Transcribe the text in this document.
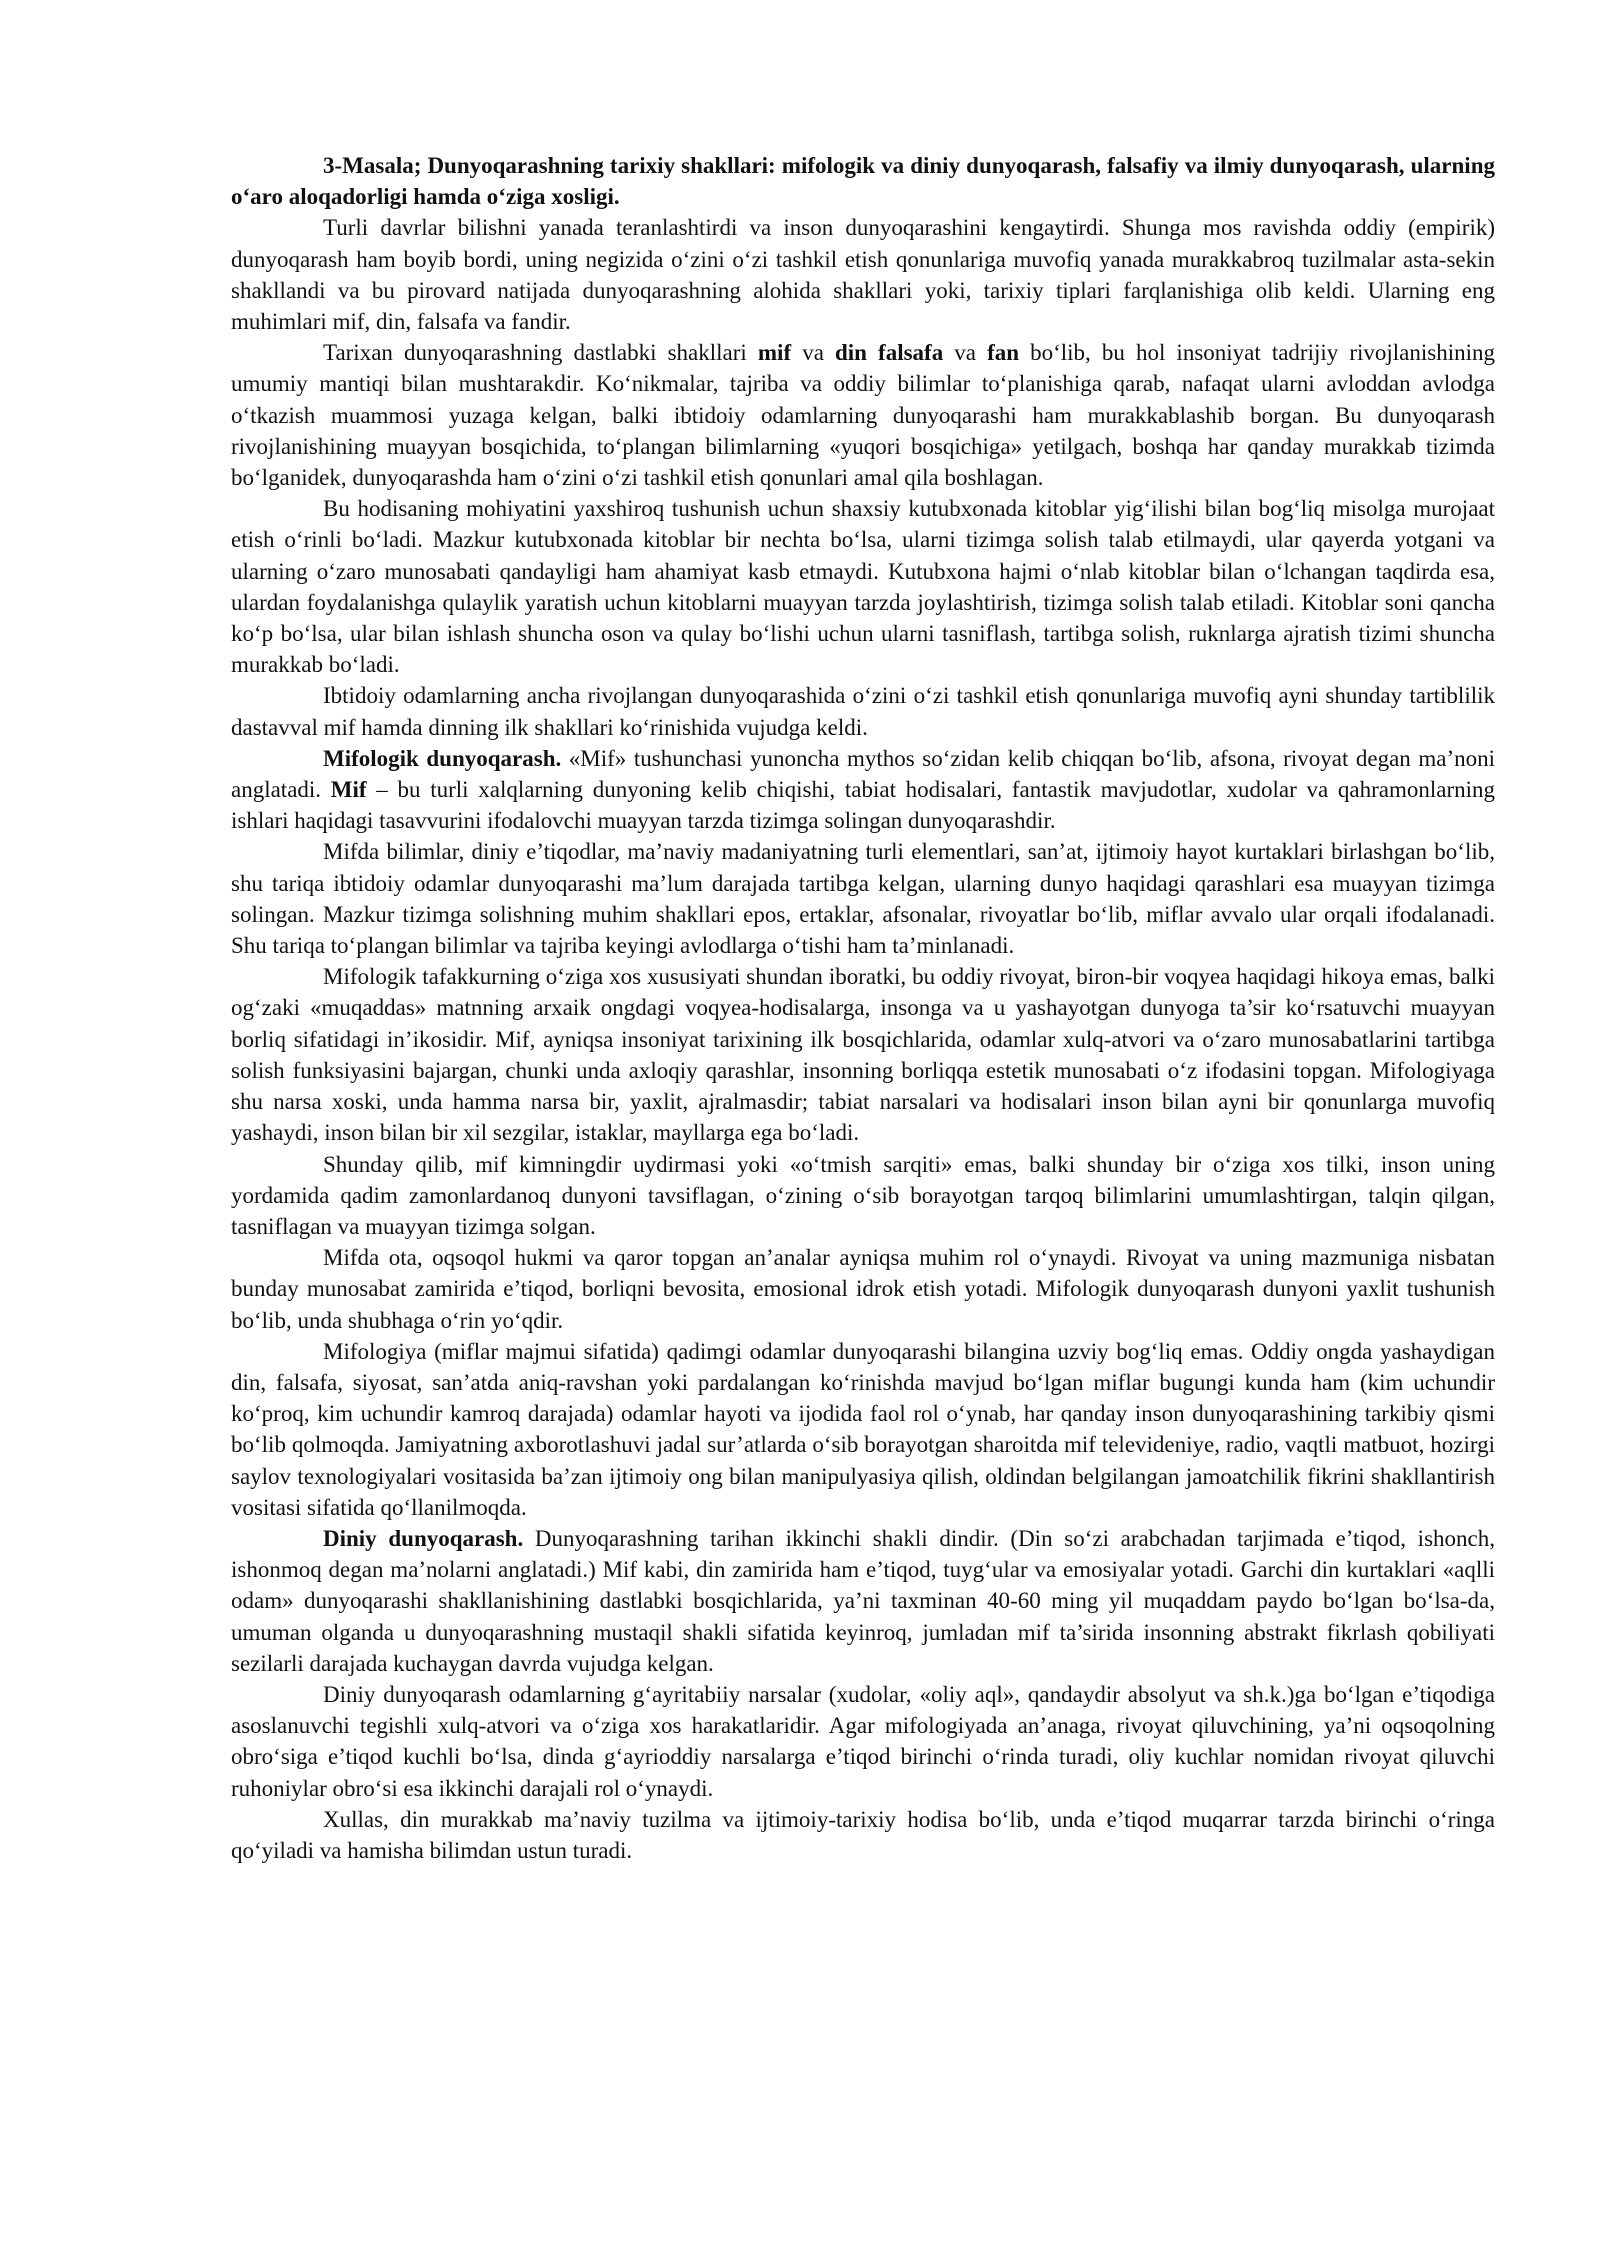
3-Masala; Dunyoqarashning tarixiy shakllari: mifologik va diniy dunyoqarash, falsafiy va ilmiy dunyoqarash, ularning o‘aro aloqadorligi hamda o‘ziga xosligi.

Turli davrlar bilishni yanada teranlashtirdi va inson dunyoqarashini kengaytirdi. Shunga mos ravishda oddiy (empirik) dunyoqarash ham boyib bordi, uning negizida o‘zini o‘zi tashkil etish qonunlariga muvofiq yanada murakkabroq tuzilmalar asta-sekin shakllandi va bu pirovard natijada dunyoqarashning alohida shakllari yoki, tarixiy tiplari farqlanishiga olib keldi. Ularning eng muhimlari mif, din, falsafa va fandir.

Tarixan dunyoqarashning dastlabki shakllari mif va din falsafa va fan bo‘lib, bu hol insoniyat tadrijiy rivojlanishining umumiy mantiqi bilan mushtarakdir. Ko‘nikmalar, tajriba va oddiy bilimlar to‘planishiga qarab, nafaqat ularni avloddan avlodga o‘tkazish muammosi yuzaga kelgan, balki ibtidoiy odamlarning dunyoqarashi ham murakkablashib borgan. Bu dunyoqarash rivojlanishining muayyan bosqichida, to‘plangan bilimlarning «yuqori bosqichiga» yetilgach, boshqa har qanday murakkab tizimda bo‘lganidek, dunyoqarashda ham o‘zini o‘zi tashkil etish qonunlari amal qila boshlagan.

Bu hodisaning mohiyatini yaxshiroq tushunish uchun shaxsiy kutubxonada kitoblar yig‘ilishi bilan bog‘liq misolga murojaat etish o‘rinli bo‘ladi. Mazkur kutubxonada kitoblar bir nechta bo‘lsa, ularni tizimga solish talab etilmaydi, ular qayerda yotgani va ularning o‘zaro munosabati qandayligi ham ahamiyat kasb etmaydi. Kutubxona hajmi o‘nlab kitoblar bilan o‘lchangan taqdirda esa, ulardan foydalanishga qulaylik yaratish uchun kitoblarni muayyan tarzda joylashtirish, tizimga solish talab etiladi. Kitoblar soni qancha ko‘p bo‘lsa, ular bilan ishlash shuncha oson va qulay bo‘lishi uchun ularni tasniflash, tartibga solish, ruknlarga ajratish tizimi shuncha murakkab bo‘ladi.

Ibtidoiy odamlarning ancha rivojlangan dunyoqarashida o‘zini o‘zi tashkil etish qonunlariga muvofiq ayni shunday tartiblilik dastavval mif hamda dinning ilk shakllari ko‘rinishida vujudga keldi.

Mifologik dunyoqarash. «Mif» tushunchasi yunoncha mythos so‘zidan kelib chiqqan bo‘lib, afsona, rivoyat degan ma’noni anglatadi. Mif – bu turli xalqlarning dunyoning kelib chiqishi, tabiat hodisalari, fantastik mavjudotlar, xudolar va qahramonlarning ishlari haqidagi tasavvurini ifodalovchi muayyan tarzda tizimga solingan dunyoqarashdir.

Mifda bilimlar, diniy e’tiqodlar, ma’naviy madaniyatning turli elementlari, san’at, ijtimoiy hayot kurtaklari birlashgan bo‘lib, shu tariqa ibtidoiy odamlar dunyoqarashi ma’lum darajada tartibga kelgan, ularning dunyo haqidagi qarashlari esa muayyan tizimga solingan. Mazkur tizimga solishning muhim shakllari epos, ertaklar, afsonalar, rivoyatlar bo‘lib, miflar avvalo ular orqali ifodalanadi. Shu tariqa to‘plangan bilimlar va tajriba keyingi avlodlarga o‘tishi ham ta’minlanadi.

Mifologik tafakkurning o‘ziga xos xususiyati shundan iboratki, bu oddiy rivoyat, biron-bir voqyea haqidagi hikoya emas, balki og‘zaki «muqaddas» matnning arxaik ongdagi voqyea-hodisalarga, insonga va u yashayotgan dunyoga ta’sir ko‘rsatuvchi muayyan borliq sifatidagi in’ikosidir. Mif, ayniqsa insoniyat tarixining ilk bosqichlarida, odamlar xulq-atvori va o‘zaro munosabatlarini tartibga solish funksiyasini bajargan, chunki unda axloqiy qarashlar, insonning borliqqa estetik munosabati o‘z ifodasini topgan. Mifologiyaga shu narsa xoski, unda hamma narsa bir, yaxlit, ajralmasdir; tabiat narsalari va hodisalari inson bilan ayni bir qonunlarga muvofiq yashaydi, inson bilan bir xil sezgilar, istaklar, mayllarga ega bo‘ladi.

Shunday qilib, mif kimningdir uydirmasi yoki «o‘tmish sarqiti» emas, balki shunday bir o‘ziga xos tilki, inson uning yordamida qadim zamonlardanoq dunyoni tavsiflagan, o‘zining o‘sib borayotgan tarqoq bilimlarini umumlashtirgan, talqin qilgan, tasniflagan va muayyan tizimga solgan.

Mifda ota, oqsoqol hukmi va qaror topgan an’analar ayniqsa muhim rol o‘ynaydi. Rivoyat va uning mazmuniga nisbatan bunday munosabat zamirida e’tiqod, borliqni bevosita, emosional idrok etish yotadi. Mifologik dunyoqarash dunyoni yaxlit tushunish bo‘lib, unda shubhaga o‘rin yo‘qdir.

Mifologiya (miflar majmui sifatida) qadimgi odamlar dunyoqarashi bilangina uzviy bog‘liq emas. Oddiy ongda yashaydigan din, falsafa, siyosat, san’atda aniq-ravshan yoki pardalangan ko‘rinishda mavjud bo‘lgan miflar bugungi kunda ham (kim uchundir ko‘proq, kim uchundir kamroq darajada) odamlar hayoti va ijodida faol rol o‘ynab, har qanday inson dunyoqarashining tarkibiy qismi bo‘lib qolmoqda. Jamiyatning axborotlashuvi jadal sur’atlarda o‘sib borayotgan sharoitda mif televideniye, radio, vaqtli matbuot, hozirgi saylov texnologiyalari vositasida ba’zan ijtimoiy ong bilan manipulyasiya qilish, oldindan belgilangan jamoatchilik fikrini shakllantirish vositasi sifatida qo‘llanilmoqda.

Diniy dunyoqarash. Dunyoqarashning tarihan ikkinchi shakli dindir. (Din so‘zi arabchadan tarjimada e’tiqod, ishonch, ishonmoq degan ma’nolarni anglatadi.) Mif kabi, din zamirida ham e’tiqod, tuyg‘ular va emosiyalar yotadi. Garchi din kurtaklari «aqlli odam» dunyoqarashi shakllanishining dastlabki bosqichlarida, ya’ni taxminan 40-60 ming yil muqaddam paydo bo‘lgan bo‘lsa-da, umuman olganda u dunyoqarashning mustaqil shakli sifatida keyinroq, jumladan mif ta’sirida insonning abstrakt fikrlash qobiliyati sezilarli darajada kuchaygan davrda vujudga kelgan.

Diniy dunyoqarash odamlarning g‘ayritabiiy narsalar (xudolar, «oliy aql», qandaydir absolyut va sh.k.)ga bo‘lgan e’tiqodiga asoslanuvchi tegishli xulq-atvori va o‘ziga xos harakatlaridir. Agar mifologiyada an’anaga, rivoyat qiluvchining, ya’ni oqsoqolning obro‘siga e’tiqod kuchli bo‘lsa, dinda g‘ayrioddiy narsalarga e’tiqod birinchi o‘rinda turadi, oliy kuchlar nomidan rivoyat qiluvchi ruhoniylar obro‘si esa ikkinchi darajali rol o‘ynaydi.

Xullas, din murakkab ma’naviy tuzilma va ijtimoiy-tarixiy hodisa bo‘lib, unda e’tiqod muqarrar tarzda birinchi o‘ringa qo‘yiladi va hamisha bilimdan ustun turadi.
